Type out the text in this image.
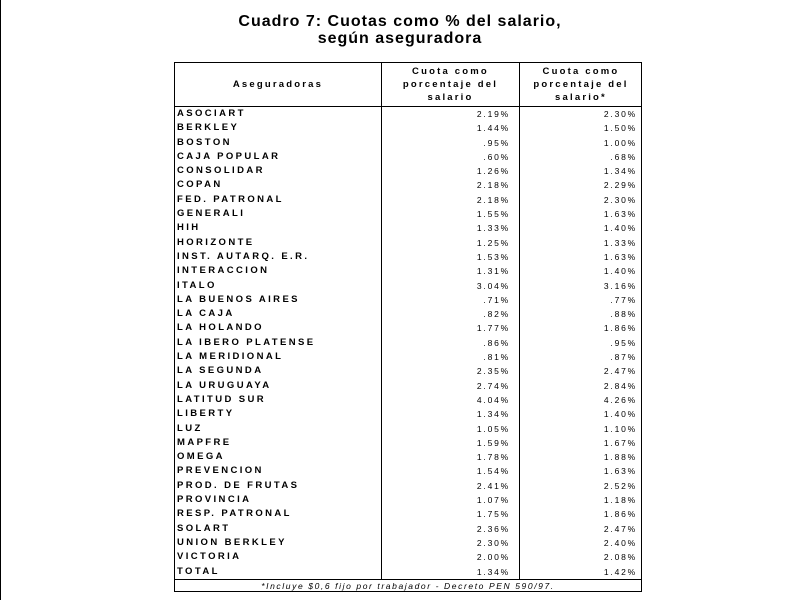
Cuadro 7: Cuotas como % del salario,
según aseguradora
Aseguradoras
Cuota como
porcentaje del
salario
Cuota como
porcentaje del
salario*
ASOCIART	2.19%	2.30%
BERKLEY	1.44%	1.50%
BOSTON	.95%	1.00%
CAJA POPULAR	.60%	.68%
CONSOLIDAR	1.26%	1.34%
COPAN	2.18%	2.29%
FED. PATRONAL	2.18%	2.30%
GENERALI	1.55%	1.63%
HIH	1.33%	1.40%
HORIZONTE	1.25%	1.33%
INST. AUTARQ. E.R.	1.53%	1.63%
INTERACCION	1.31%	1.40%
ITALO	3.04%	3.16%
LA BUENOS AIRES	.71%	.77%
LA CAJA	.82%	.88%
LA HOLANDO	1.77%	1.86%
LA IBERO PLATENSE	.86%	.95%
LA MERIDIONAL	.81%	.87%
LA SEGUNDA	2.35%	2.47%
LA URUGUAYA	2.74%	2.84%
LATITUD SUR	4.04%	4.26%
LIBERTY	1.34%	1.40%
LUZ	1.05%	1.10%
MAPFRE	1.59%	1.67%
OMEGA	1.78%	1.88%
PREVENCION	1.54%	1.63%
PROD. DE FRUTAS	2.41%	2.52%
PROVINCIA	1.07%	1.18%
RESP. PATRONAL	1.75%	1.86%
SOLART	2.36%	2.47%
UNION BERKLEY	2.30%	2.40%
VICTORIA	2.00%	2.08%
TOTAL	1.34%	1.42%
*Incluye $0,6 fijo por trabajador - Decreto PEN 590/97.
